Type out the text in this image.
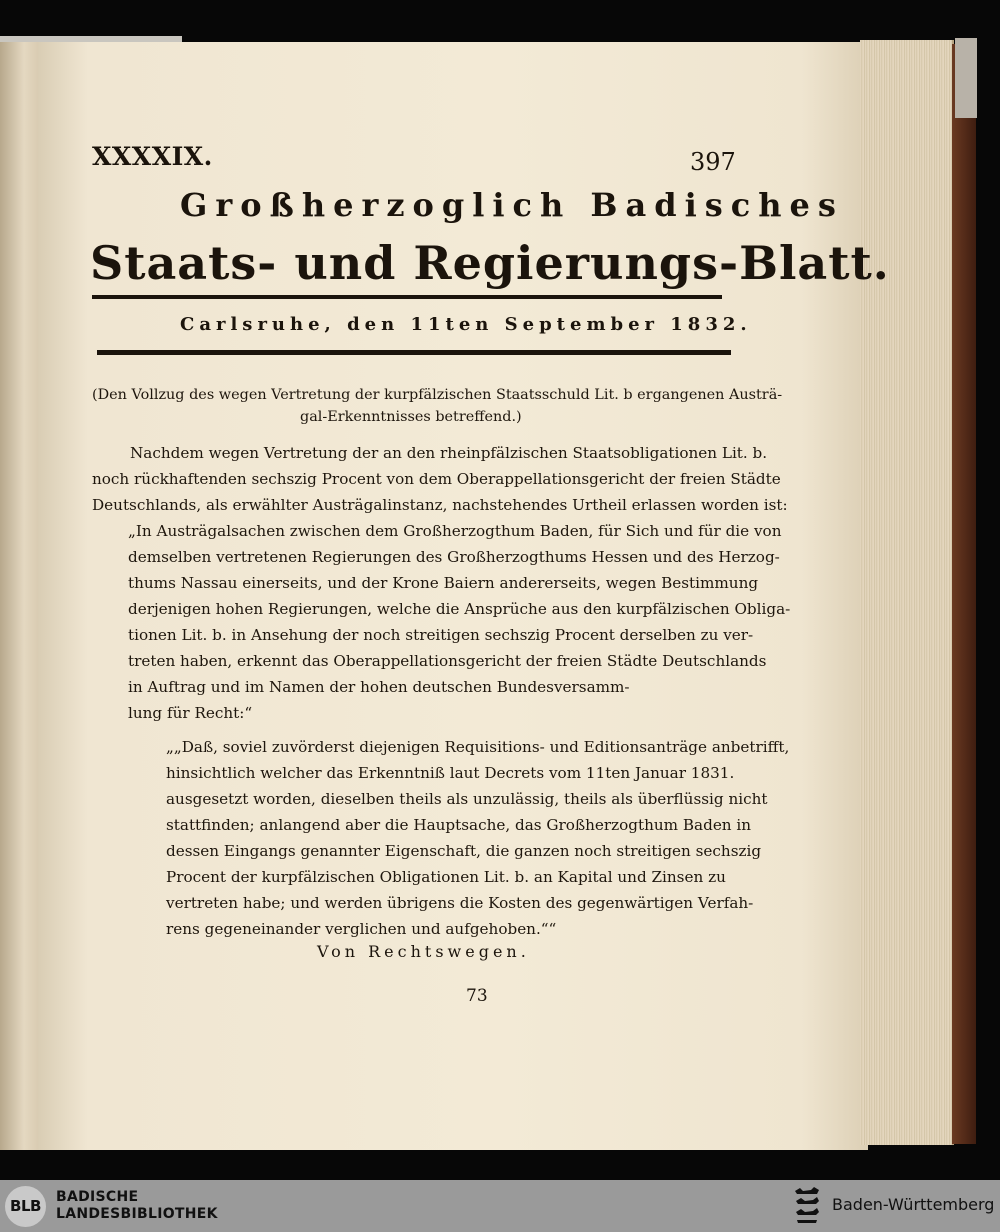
XXXXIX.	397
Großherzoglich Badisches
Staats- und Regierungs-Blatt.
Carlsruhe, den 11ten September 1832.
(Den Vollzug des wegen Vertretung der kurpfälzischen Staatsschuld Lit. b ergangenen Austrä-
gal-Erkenntnisses betreffend.)
Nachdem wegen Vertretung der an den rheinpfälzischen Staatsobligationen Lit. b.
noch rückhaftenden sechszig Procent von dem Oberappellationsgericht der freien Städte
Deutschlands, als erwählter Austrägalinstanz, nachstehendes Urtheil erlassen worden ist:
„In Austrägalsachen zwischen dem Großherzogthum Baden, für Sich und für die von
demselben vertretenen Regierungen des Großherzogthums Hessen und des Herzog-
thums Nassau einerseits, und der Krone Baiern andererseits, wegen Bestimmung
derjenigen hohen Regierungen, welche die Ansprüche aus den kurpfälzischen Obliga-
tionen Lit. b. in Ansehung der noch streitigen sechszig Procent derselben zu ver-
treten haben, erkennt das Oberappellationsgericht der freien Städte Deutschlands
in Auftrag und im Namen der hohen deutschen Bundesversamm-
lung für Recht:“
„„Daß, soviel zuvörderst diejenigen Requisitions- und Editionsanträge anbetrifft,
hinsichtlich welcher das Erkenntniß laut Decrets vom 11ten Januar 1831.
ausgesetzt worden, dieselben theils als unzulässig, theils als überflüssig nicht
stattfinden; anlangend aber die Hauptsache, das Großherzogthum Baden in
dessen Eingangs genannter Eigenschaft, die ganzen noch streitigen sechszig
Procent der kurpfälzischen Obligationen Lit. b. an Kapital und Zinsen zu
vertreten habe; und werden übrigens die Kosten des gegenwärtigen Verfah-
rens gegeneinander verglichen und aufgehoben.““
Von Rechtswegen.
73
BLB	BADISCHE
LANDESBIBLIOTHEK	Baden-Württemberg
